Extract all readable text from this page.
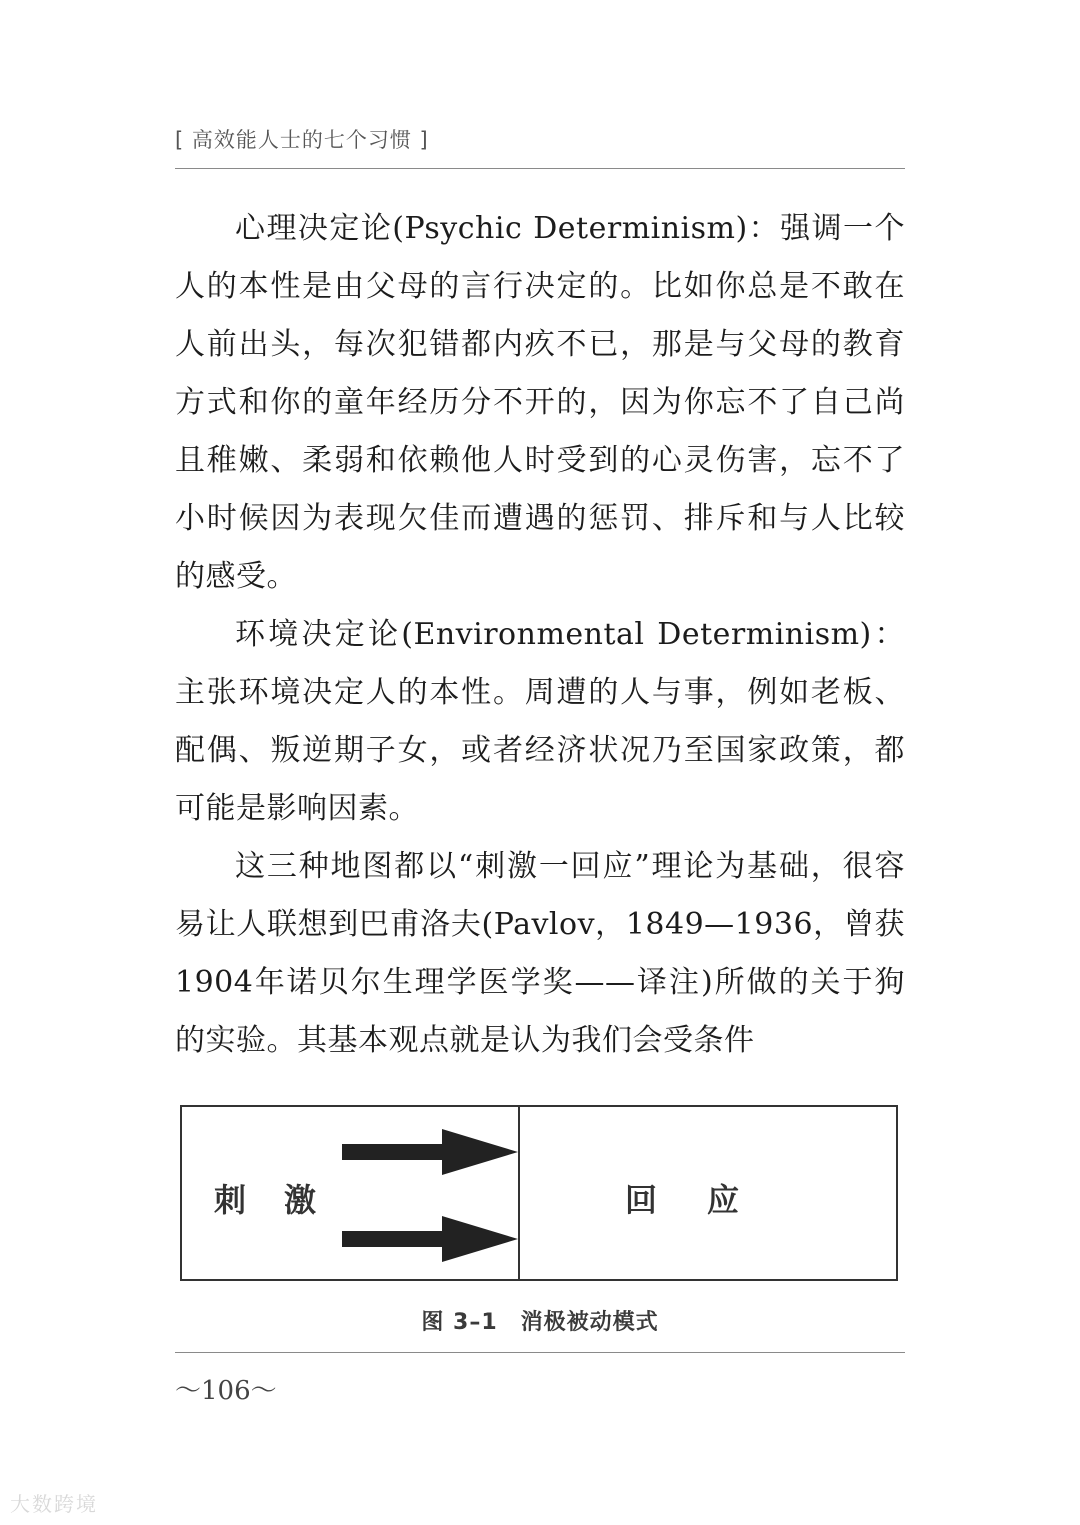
[ 高效能人士的七个习惯 ]

心理决定论(Psychic Determinism)：强调一个人的本性是由父母的言行决定的。比如你总是不敢在人前出头，每次犯错都内疚不已，那是与父母的教育方式和你的童年经历分不开的，因为你忘不了自己尚且稚嫩、柔弱和依赖他人时受到的心灵伤害，忘不了小时候因为表现欠佳而遭遇的惩罚、排斥和与人比较的感受。

环境决定论(Environmental Determinism)：主张环境决定人的本性。周遭的人与事，例如老板、配偶、叛逆期子女，或者经济状况乃至国家政策，都可能是影响因素。

这三种地图都以“刺激一回应”理论为基础，很容易让人联想到巴甫洛夫(Pavlov，1849—1936，曾获1904年诺贝尔生理学医学奖——译注)所做的关于狗的实验。其基本观点就是认为我们会受条件

刺激	回应
图 3–1　消极被动模式
～106～
大数跨境
